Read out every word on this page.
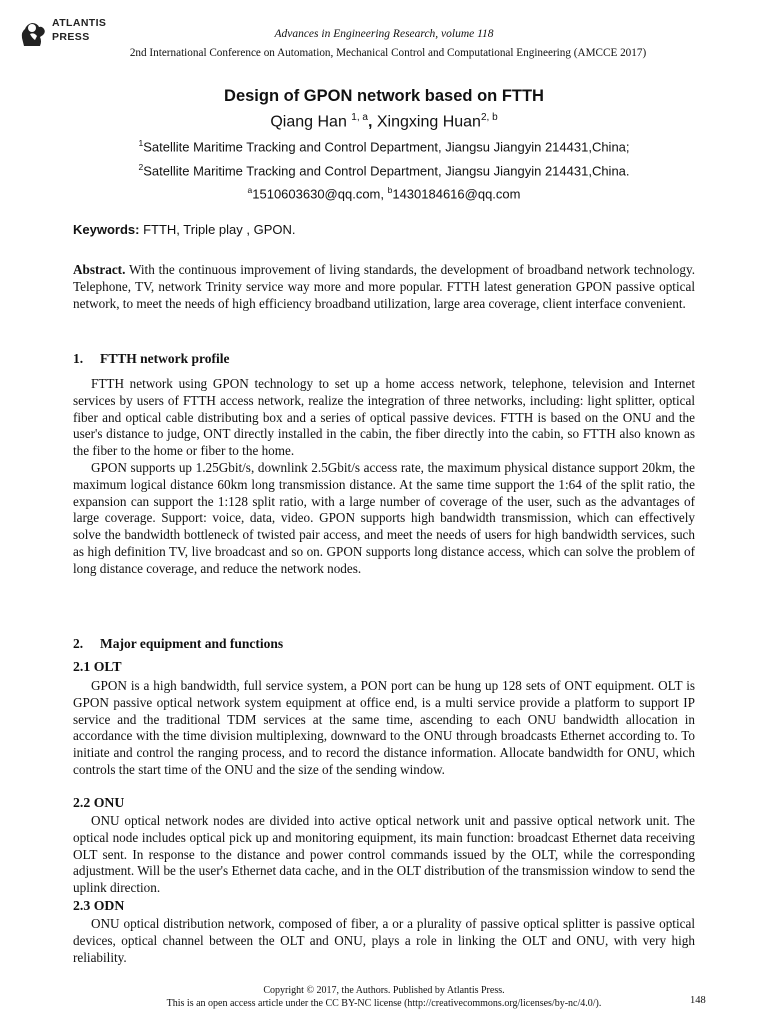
ATLANTIS
PRESS	Advances in Engineering Research, volume 118
2nd International Conference on Automation, Mechanical Control and Computational Engineering (AMCCE 2017)
Design of GPON network based on FTTH
Qiang Han $^{1, a}$, Xingxing Huan$^{2, b}$
$^1$Satellite Maritime Tracking and Control Department, Jiangsu Jiangyin 214431,China;
$^2$Satellite Maritime Tracking and Control Department, Jiangsu Jiangyin 214431,China.
$^a$1510603630@qq.com, $^b$1430184616@qq.com
Keywords: FTTH, Triple play , GPON.

Abstract. With the continuous improvement of living standards, the development of broadband network technology. Telephone, TV, network Trinity service way more and more popular. FTTH latest generation GPON passive optical network, to meet the needs of high efficiency broadband utilization, large area coverage, client interface convenient.

1. FTTH network profile

FTTH network using GPON technology to set up a home access network, telephone, television and Internet services by users of FTTH access network, realize the integration of three networks, including: light splitter, optical fiber and optical cable distributing box and a series of optical passive devices. FTTH is based on the ONU and the user's distance to judge, ONT directly installed in the cabin, the fiber directly into the cabin, so FTTH also known as the fiber to the home or fiber to the home.

GPON supports up 1.25Gbit/s, downlink 2.5Gbit/s access rate, the maximum physical distance support 20km, the maximum logical distance 60km long transmission distance. At the same time support the 1:64 of the split ratio, the expansion can support the 1:128 split ratio, with a large number of coverage of the user, such as the advantages of large coverage. Support: voice, data, video. GPON supports high bandwidth transmission, which can effectively solve the bandwidth bottleneck of twisted pair access, and meet the needs of users for high bandwidth services, such as high definition TV, live broadcast and so on. GPON supports long distance access, which can solve the problem of long distance coverage, and reduce the network nodes.

2. Major equipment and functions
2.1 OLT

GPON is a high bandwidth, full service system, a PON port can be hung up 128 sets of ONT equipment. OLT is GPON passive optical network system equipment at office end, is a multi service provide a platform to support IP service and the traditional TDM services at the same time, ascending to each ONU bandwidth allocation in accordance with the time division multiplexing, downward to the ONU through broadcasts Ethernet according to. To initiate and control the ranging process, and to record the distance information. Allocate bandwidth for ONU, which controls the start time of the ONU and the size of the sending window.

2.2 ONU

ONU optical network nodes are divided into active optical network unit and passive optical network unit. The optical node includes optical pick up and monitoring equipment, its main function: broadcast Ethernet data receiving OLT sent. In response to the distance and power control commands issued by the OLT, while the corresponding adjustment. Will be the user's Ethernet data cache, and in the OLT distribution of the transmission window to send the uplink direction.

2.3 ODN

ONU optical distribution network, composed of fiber, a or a plurality of passive optical splitter is passive optical devices, optical channel between the OLT and ONU, plays a role in linking the OLT and ONU, with very high reliability.

Copyright © 2017, the Authors. Published by Atlantis Press.
This is an open access article under the CC BY-NC license (http://creativecommons.org/licenses/by-nc/4.0/).	148
